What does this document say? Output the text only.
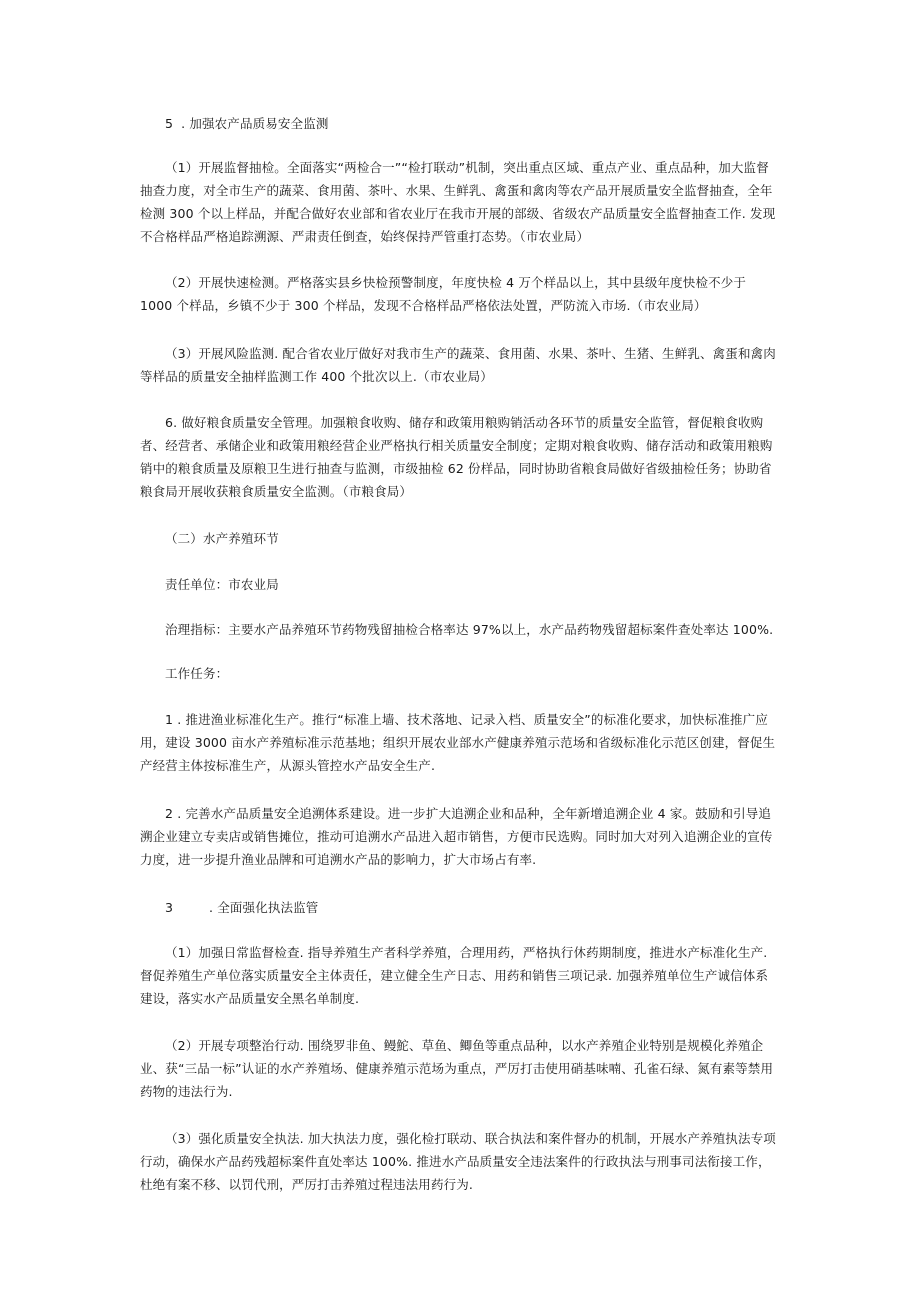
5 . 加强农产品质易安全监测

（1）开展监督抽检。全面落实“两检合一”“检打联动”机制，突出重点区域、重点产业、重点品种，加大监督抽查力度，对全市生产的蔬菜、食用菌、茶叶、水果、生鲜乳、禽蛋和禽肉等农产品开展质量安全监督抽查，全年检测 300 个以上样品，并配合做好农业部和省农业厅在我市开展的部级、省级农产品质量安全监督抽查工作. 发现不合格样品严格追踪溯源、严肃责任倒查，始终保持严管重打态势。（市农业局）

（2）开展快速检测。严格落实县乡快检预警制度，年度快检 4 万个样品以上，其中县级年度快检不少于 1000 个样品，乡镇不少于 300 个样品，发现不合格样品严格依法处置，严防流入市场.（市农业局）

（3）开展风险监测. 配合省农业厅做好对我市生产的蔬菜、食用菌、水果、茶叶、生猪、生鲜乳、禽蛋和禽肉等样品的质量安全抽样监测工作 400 个批次以上.（市农业局）

6. 做好粮食质量安全管理。加强粮食收购、储存和政策用粮购销活动各环节的质量安全监管，督促粮食收购者、经营者、承储企业和政策用粮经营企业严格执行相关质量安全制度；定期对粮食收购、储存活动和政策用粮购销中的粮食质量及原粮卫生进行抽查与监测，市级抽检 62 份样品，同时协助省粮食局做好省级抽检任务；协助省粮食局开展收获粮食质量安全监测。（市粮食局）

（二）水产养殖环节

责任单位：市农业局

治理指标：主要水产品养殖环节药物残留抽检合格率达 97%以上，水产品药物残留超标案件查处率达 100%.

工作任务：

1 . 推进渔业标准化生产。推行“标准上墙、技术落地、记录入档、质量安全”的标准化要求，加快标准推广应用，建设 3000 亩水产养殖标准示范基地；组织开展农业部水产健康养殖示范场和省级标准化示范区创建，督促生产经营主体按标准生产，从源头管控水产品安全生产.

2 . 完善水产品质量安全追溯体系建设。进一步扩大追溯企业和品种，全年新增追溯企业 4 家。鼓励和引导追溯企业建立专卖店或销售摊位，推动可追溯水产品进入超市销售，方便市民选购。同时加大对列入追溯企业的宣传力度，进一步提升渔业品牌和可追溯水产品的影响力，扩大市场占有率.

3	. 全面强化执法监管

（1）加强日常监督检查. 指导养殖生产者科学养殖，合理用药，严格执行休药期制度，推进水产标准化生产. 督促养殖生产单位落实质量安全主体责任，建立健全生产日志、用药和销售三项记录. 加强养殖单位生产诚信体系建设，落实水产品质量安全黑名单制度.

（2）开展专项整治行动. 围绕罗非鱼、鳗鮀、草鱼、鲫鱼等重点品种，以水产养殖企业特别是规模化养殖企业、获“三品一标”认证的水产养殖场、健康养殖示范场为重点，严厉打击使用硝基味喃、孔雀石绿、氮有素等禁用药物的违法行为.

（3）强化质量安全执法. 加大执法力度，强化检打联动、联合执法和案件督办的机制，开展水产养殖执法专项行动，确保水产品药残超标案件直处率达 100%. 推进水产品质量安全违法案件的行政执法与刑事司法衔接工作，杜绝有案不移、以罚代刑，严厉打击养殖过程违法用药行为.
